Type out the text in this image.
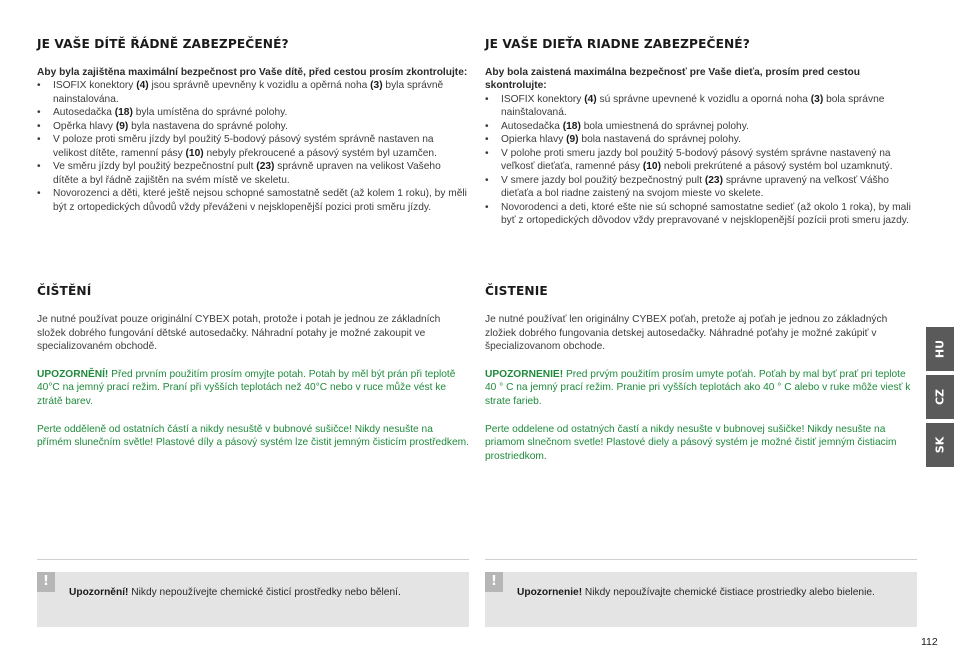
JE VAŠE DÍTĚ ŘÁDNĚ ZABEZPEČENÉ?

Aby byla zajištěna maximální bezpečnost pro Vaše dítě, před cestou prosím zkontrolujte:

• ISOFIX konektory (4) jsou správně upevněny k vozidlu a opěrná noha (3) byla správně nainstalována.
• Autosedačka (18) byla umístěna do správné polohy.
• Opěrka hlavy (9) byla nastavena do správné polohy.
• V poloze proti směru jízdy byl použitý 5-bodový pásový systém správně nastaven na velikost dítěte, ramenní pásy (10) nebyly překroucené a pásový systém byl uzamčen.
• Ve směru jízdy byl použitý bezpečnostní pult (23) správně upraven na velikost Vašeho dítěte a byl řádně zajištěn na svém místě ve skeletu.
• Novorozenci a děti, které ještě nejsou schopné samostatně sedět (až kolem 1 roku), by měli být z ortopedických důvodů vždy převáženi v nejsklopenější pozici proti směru jízdy.
JE VAŠE DIEŤA RIADNE ZABEZPEČENÉ?

Aby bola zaistená maximálna bezpečnosť pre Vaše dieťa, prosím pred cestou skontrolujte:

• ISOFIX konektory (4) sú správne upevnené k vozidlu a oporná noha (3) bola správne nainštalovaná.
• Autosedačka (18) bola umiestnená do správnej polohy.
• Opierka hlavy (9) bola nastavená do správnej polohy.
• V polohe proti smeru jazdy bol použitý 5-bodový pásový systém správne nastavený na veľkosť dieťaťa, ramenné pásy (10) neboli prekrútené a pásový systém bol uzamknutý.
• V smere jazdy bol použitý bezpečnostný pult (23) správne upravený na veľkosť Vášho dieťaťa a bol riadne zaistený na svojom mieste vo skelete.
• Novorodenci a deti, ktoré ešte nie sú schopné samostatne sedieť (až okolo 1 roka), by mali byť z ortopedických dôvodov vždy prepravované v nejsklopenější pozícii proti smeru jazdy.
ČIŠTĚNÍ

Je nutné používat pouze originální CYBEX potah, protože i potah je jednou ze základních složek dobrého fungování dětské autosedačky. Náhradní potahy je možné zakoupit ve specializovaném obchodě.

UPOZORNĚNÍ! Před prvním použitím prosím omyjte potah. Potah by měl být prán při teplotě 40°C na jemný prací režim. Praní při vyšších teplotách než 40°C nebo v ruce může vést ke ztrátě barev.

Perte odděleně od ostatních částí a nikdy nesuště v bubnové sušičce! Nikdy nesušte na přímém slunečním světle! Plastové díly a pásový systém lze čistit jemným čisticím prostředkem.

ČISTENIE

Je nutné používať len originálny CYBEX poťah, pretože aj poťah je jednou zo základných zložiek dobrého fungovania detskej autosedačky. Náhradné poťahy je možné zakúpiť v špecializovanom obchode.

UPOZORNENIE! Pred prvým použitím prosím umyte poťah. Poťah by mal byť prať pri teplote 40 ° C na jemný prací režim. Pranie pri vyšších teplotách ako 40 ° C alebo v ruke môže viesť k strate farieb.

Perte oddelene od ostatných častí a nikdy nesušte v bubnovej sušičke! Nikdy nesušte na priamom slnečnom svetle! Plastové diely a pásový systém je možné čistiť jemným čistiacim prostriedkom.

!
Upozornění! Nikdy nepoužívejte chemické čisticí prostředky nebo bělení.
!
Upozornenie! Nikdy nepoužívajte chemické čistiace prostriedky alebo bielenie.
HU
CZ
SK
112
